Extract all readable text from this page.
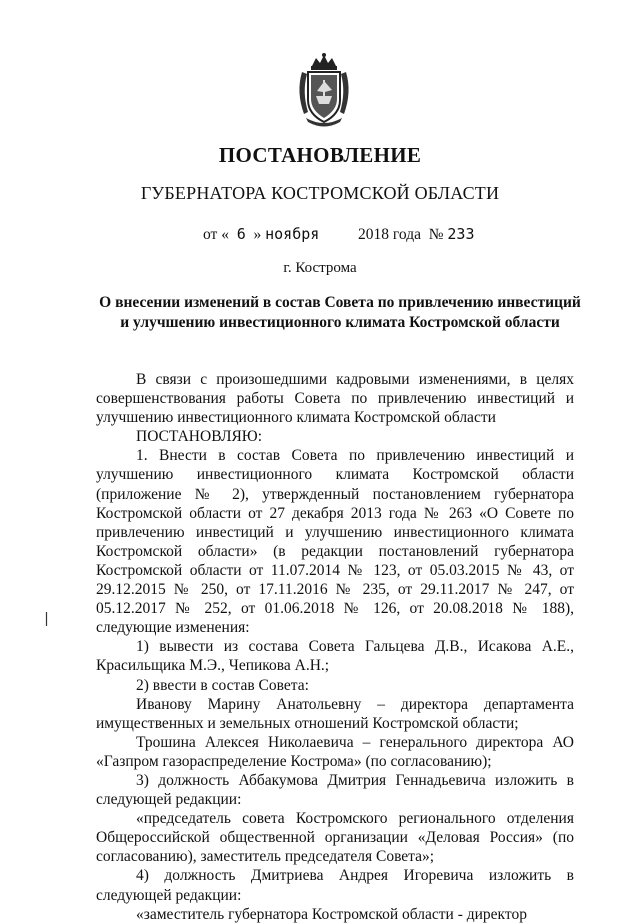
ПОСТАНОВЛЕНИЕ
ГУБЕРНАТОРА КОСТРОМСКОЙ ОБЛАСТИ
от « 6 » ноября	2018 года № 233
г. Кострома
О внесении изменений в состав Совета по привлечению инвестиций
и улучшению инвестиционного климата Костромской области

В связи с произошедшими кадровыми изменениями, в целях совершенствования работы Совета по привлечению инвестиций и улучшению инвестиционного климата Костромской области

ПОСТАНОВЛЯЮ:

1. Внести в состав Совета по привлечению инвестиций и улучшению инвестиционного климата Костромской области (приложение № 2), утвержденный постановлением губернатора Костромской области от 27 декабря 2013 года № 263 «О Совете по привлечению инвестиций и улучшению инвестиционного климата Костромской области» (в редакции постановлений губернатора Костромской области от 11.07.2014 № 123, от 05.03.2015 № 43, от 29.12.2015 № 250, от 17.11.2016 № 235, от 29.11.2017 № 247, от 05.12.2017 № 252, от 01.06.2018 № 126, от 20.08.2018 № 188), следующие изменения:

1) вывести из состава Совета Гальцева Д.В., Исакова А.Е., Красильщика М.Э., Чепикова А.Н.;

2) ввести в состав Совета:

Иванову Марину Анатольевну – директора департамента имущественных и земельных отношений Костромской области;

Трошина Алексея Николаевича – генерального директора АО «Газпром газораспределение Кострома» (по согласованию);

3) должность Аббакумова Дмитрия Геннадьевича изложить в следующей редакции:

«председатель совета Костромского регионального отделения Общероссийской общественной организации «Деловая Россия» (по согласованию), заместитель председателя Совета»;

4) должность Дмитриева Андрея Игоревича изложить в следующей редакции:

«заместитель губернатора Костромской области - директор
